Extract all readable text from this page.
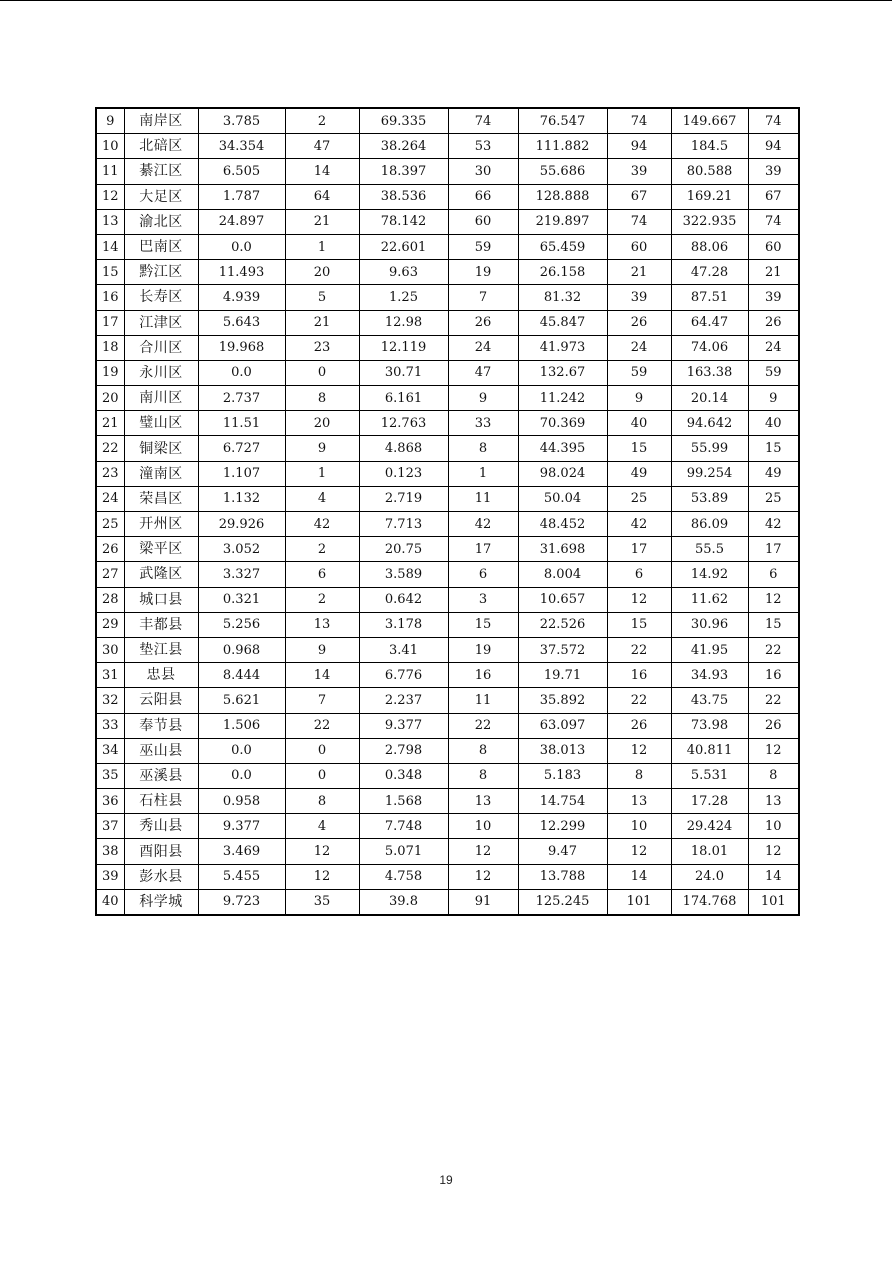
9	南岸区	3.785	2	69.335	74	76.547	74	149.667	74
10	北碚区	34.354	47	38.264	53	111.882	94	184.5	94
11	綦江区	6.505	14	18.397	30	55.686	39	80.588	39
12	大足区	1.787	64	38.536	66	128.888	67	169.21	67
13	渝北区	24.897	21	78.142	60	219.897	74	322.935	74
14	巴南区	0.0	1	22.601	59	65.459	60	88.06	60
15	黔江区	11.493	20	9.63	19	26.158	21	47.28	21
16	长寿区	4.939	5	1.25	7	81.32	39	87.51	39
17	江津区	5.643	21	12.98	26	45.847	26	64.47	26
18	合川区	19.968	23	12.119	24	41.973	24	74.06	24
19	永川区	0.0	0	30.71	47	132.67	59	163.38	59
20	南川区	2.737	8	6.161	9	11.242	9	20.14	9
21	璧山区	11.51	20	12.763	33	70.369	40	94.642	40
22	铜梁区	6.727	9	4.868	8	44.395	15	55.99	15
23	潼南区	1.107	1	0.123	1	98.024	49	99.254	49
24	荣昌区	1.132	4	2.719	11	50.04	25	53.89	25
25	开州区	29.926	42	7.713	42	48.452	42	86.09	42
26	梁平区	3.052	2	20.75	17	31.698	17	55.5	17
27	武隆区	3.327	6	3.589	6	8.004	6	14.92	6
28	城口县	0.321	2	0.642	3	10.657	12	11.62	12
29	丰都县	5.256	13	3.178	15	22.526	15	30.96	15
30	垫江县	0.968	9	3.41	19	37.572	22	41.95	22
31	忠县	8.444	14	6.776	16	19.71	16	34.93	16
32	云阳县	5.621	7	2.237	11	35.892	22	43.75	22
33	奉节县	1.506	22	9.377	22	63.097	26	73.98	26
34	巫山县	0.0	0	2.798	8	38.013	12	40.811	12
35	巫溪县	0.0	0	0.348	8	5.183	8	5.531	8
36	石柱县	0.958	8	1.568	13	14.754	13	17.28	13
37	秀山县	9.377	4	7.748	10	12.299	10	29.424	10
38	酉阳县	3.469	12	5.071	12	9.47	12	18.01	12
39	彭水县	5.455	12	4.758	12	13.788	14	24.0	14
40	科学城	9.723	35	39.8	91	125.245	101	174.768	101
19
